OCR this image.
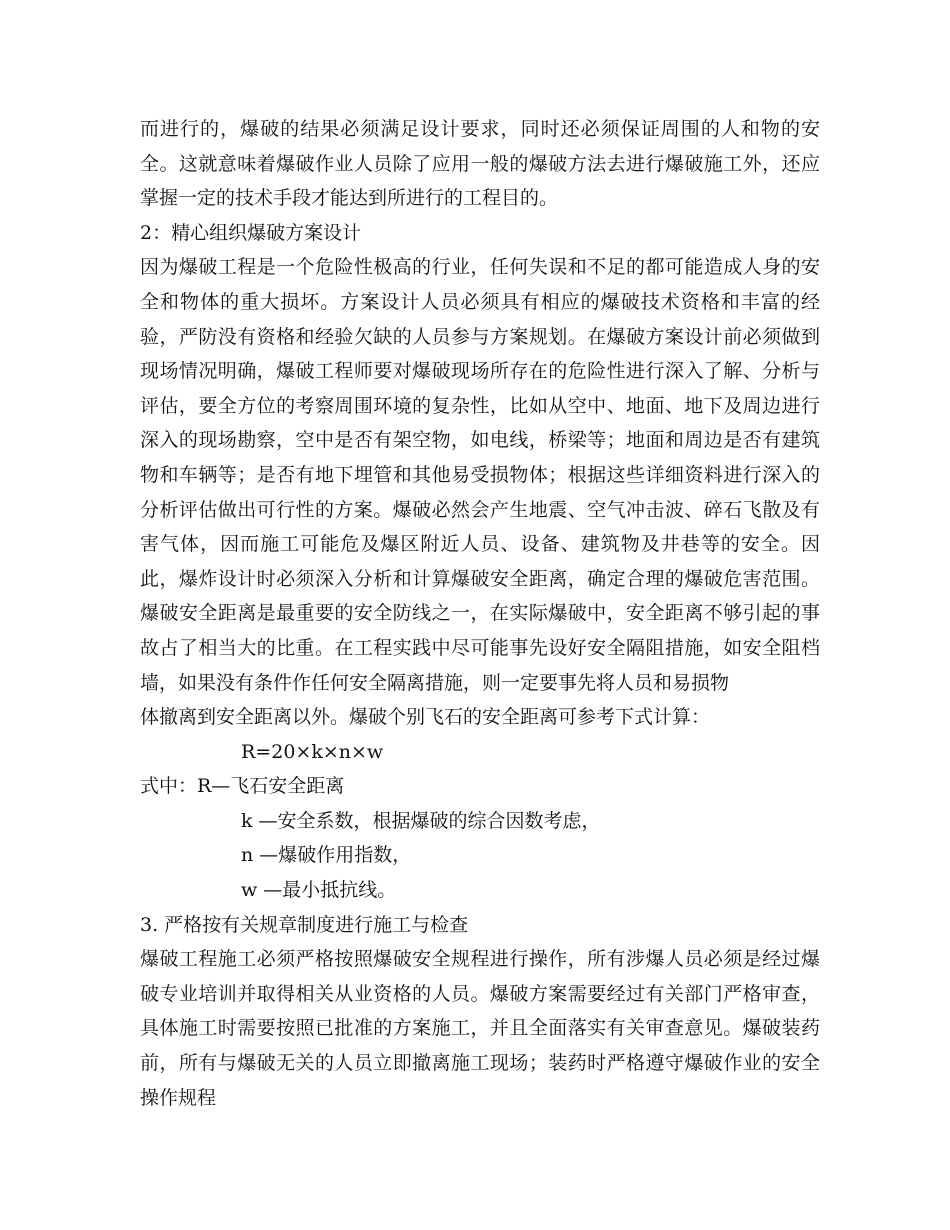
而进行的，爆破的结果必须满足设计要求，同时还必须保证周围的人和物的安全。这就意味着爆破作业人员除了应用一般的爆破方法去进行爆破施工外，还应掌握一定的技术手段才能达到所进行的工程目的。

2：精心组织爆破方案设计

因为爆破工程是一个危险性极高的行业，任何失误和不足的都可能造成人身的安全和物体的重大损坏。方案设计人员必须具有相应的爆破技术资格和丰富的经验，严防没有资格和经验欠缺的人员参与方案规划。在爆破方案设计前必须做到现场情况明确，爆破工程师要对爆破现场所存在的危险性进行深入了解、分析与评估，要全方位的考察周围环境的复杂性，比如从空中、地面、地下及周边进行深入的现场勘察，空中是否有架空物，如电线，桥梁等；地面和周边是否有建筑物和车辆等；是否有地下埋管和其他易受损物体；根据这些详细资料进行深入的分析评估做出可行性的方案。爆破必然会产生地震、空气冲击波、碎石飞散及有害气体，因而施工可能危及爆区附近人员、设备、建筑物及井巷等的安全。因此，爆炸设计时必须深入分析和计算爆破安全距离，确定合理的爆破危害范围。爆破安全距离是最重要的安全防线之一，在实际爆破中，安全距离不够引起的事故占了相当大的比重。在工程实践中尽可能事先设好安全隔阻措施，如安全阻档墙，如果没有条件作任何安全隔离措施，则一定要事先将人员和易损物

体撤离到安全距离以外。爆破个别飞石的安全距离可参考下式计算：

R=20×k×n×w

式中：R—飞石安全距离

k —安全系数，根据爆破的综合因数考虑，

n —爆破作用指数，

w —最小抵抗线。

3. 严格按有关规章制度进行施工与检查

爆破工程施工必须严格按照爆破安全规程进行操作，所有涉爆人员必须是经过爆破专业培训并取得相关从业资格的人员。爆破方案需要经过有关部门严格审查，具体施工时需要按照已批准的方案施工，并且全面落实有关审查意见。爆破装药前，所有与爆破无关的人员立即撤离施工现场；装药时严格遵守爆破作业的安全操作规程
